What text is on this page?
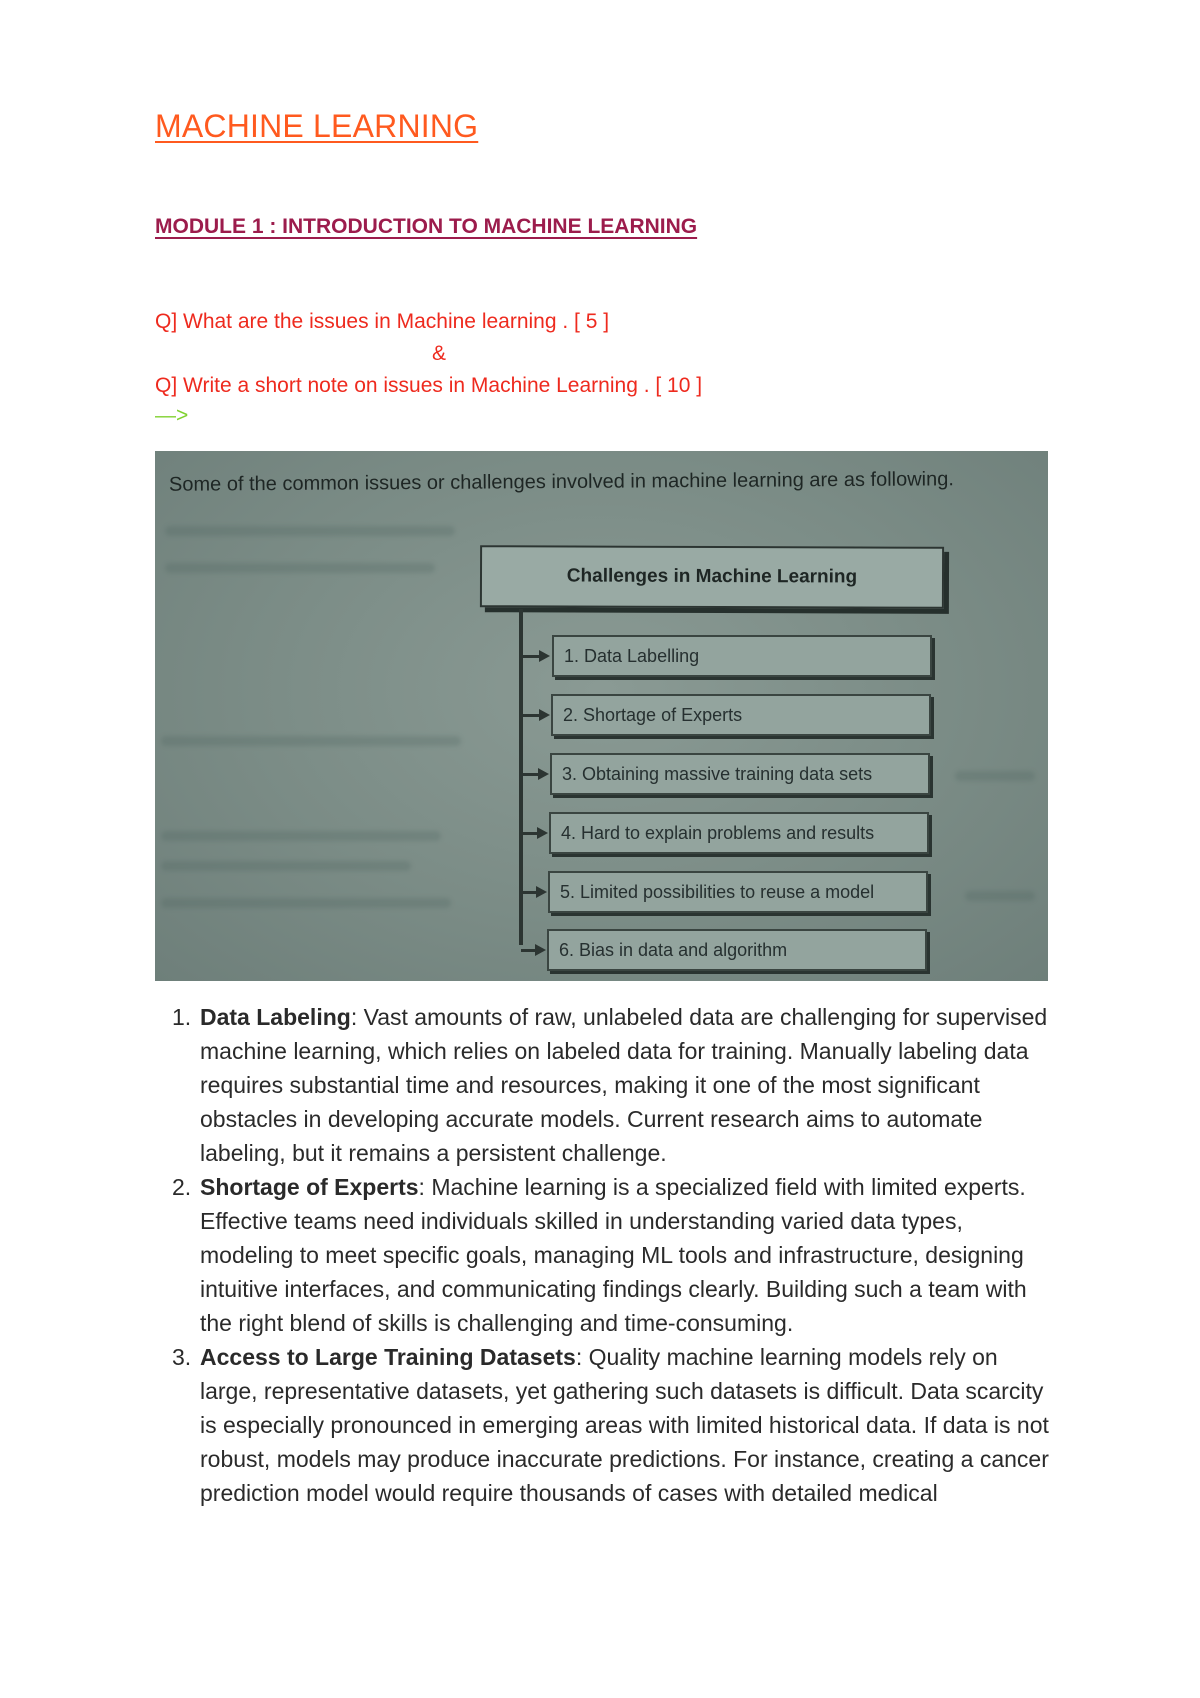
MACHINE LEARNING
MODULE 1 : INTRODUCTION TO MACHINE LEARNING

Q] What are the issues in Machine learning . [ 5 ]

&

Q] Write a short note on issues in Machine Learning . [ 10 ]

—>

Some of the common issues or challenges involved in machine learning are as following.
Challenges in Machine Learning
1. Data Labelling
2. Shortage of Experts
3. Obtaining massive training data sets
4. Hard to explain problems and results
5. Limited possibilities to reuse a model
6. Bias in data and algorithm
1. Data Labeling: Vast amounts of raw, unlabeled data are challenging for supervised machine learning, which relies on labeled data for training. Manually labeling data requires substantial time and resources, making it one of the most significant obstacles in developing accurate models. Current research aims to automate labeling, but it remains a persistent challenge.
2. Shortage of Experts: Machine learning is a specialized field with limited experts. Effective teams need individuals skilled in understanding varied data types, modeling to meet specific goals, managing ML tools and infrastructure, designing intuitive interfaces, and communicating findings clearly. Building such a team with the right blend of skills is challenging and time-consuming.
3. Access to Large Training Datasets: Quality machine learning models rely on large, representative datasets, yet gathering such datasets is difficult. Data scarcity is especially pronounced in emerging areas with limited historical data. If data is not robust, models may produce inaccurate predictions. For instance, creating a cancer prediction model would require thousands of cases with detailed medical
